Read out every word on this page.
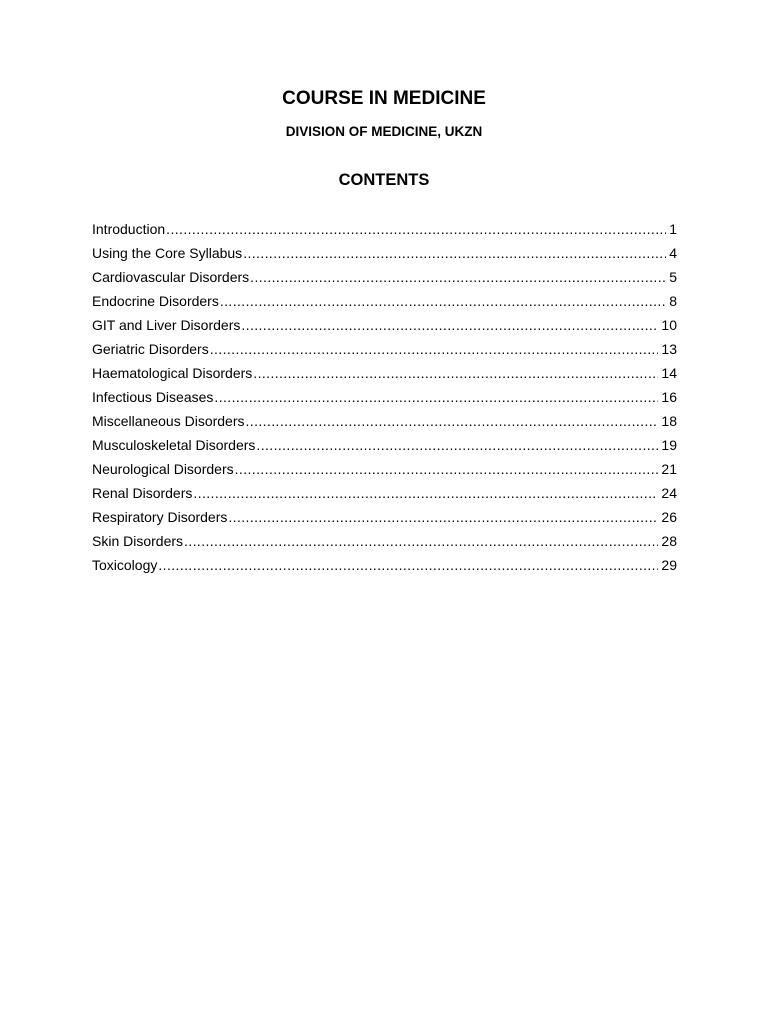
COURSE IN MEDICINE
DIVISION OF MEDICINE, UKZN
CONTENTS
Introduction .....	1
Using the Core Syllabus .....	4
Cardiovascular Disorders .....	5
Endocrine Disorders .....	8
GIT and Liver Disorders .....	10
Geriatric Disorders .....	13
Haematological Disorders .....	14
Infectious Diseases .....	16
Miscellaneous Disorders .....	18
Musculoskeletal Disorders .....	19
Neurological Disorders .....	21
Renal Disorders .....	24
Respiratory Disorders .....	26
Skin Disorders .....	28
Toxicology .....	29
